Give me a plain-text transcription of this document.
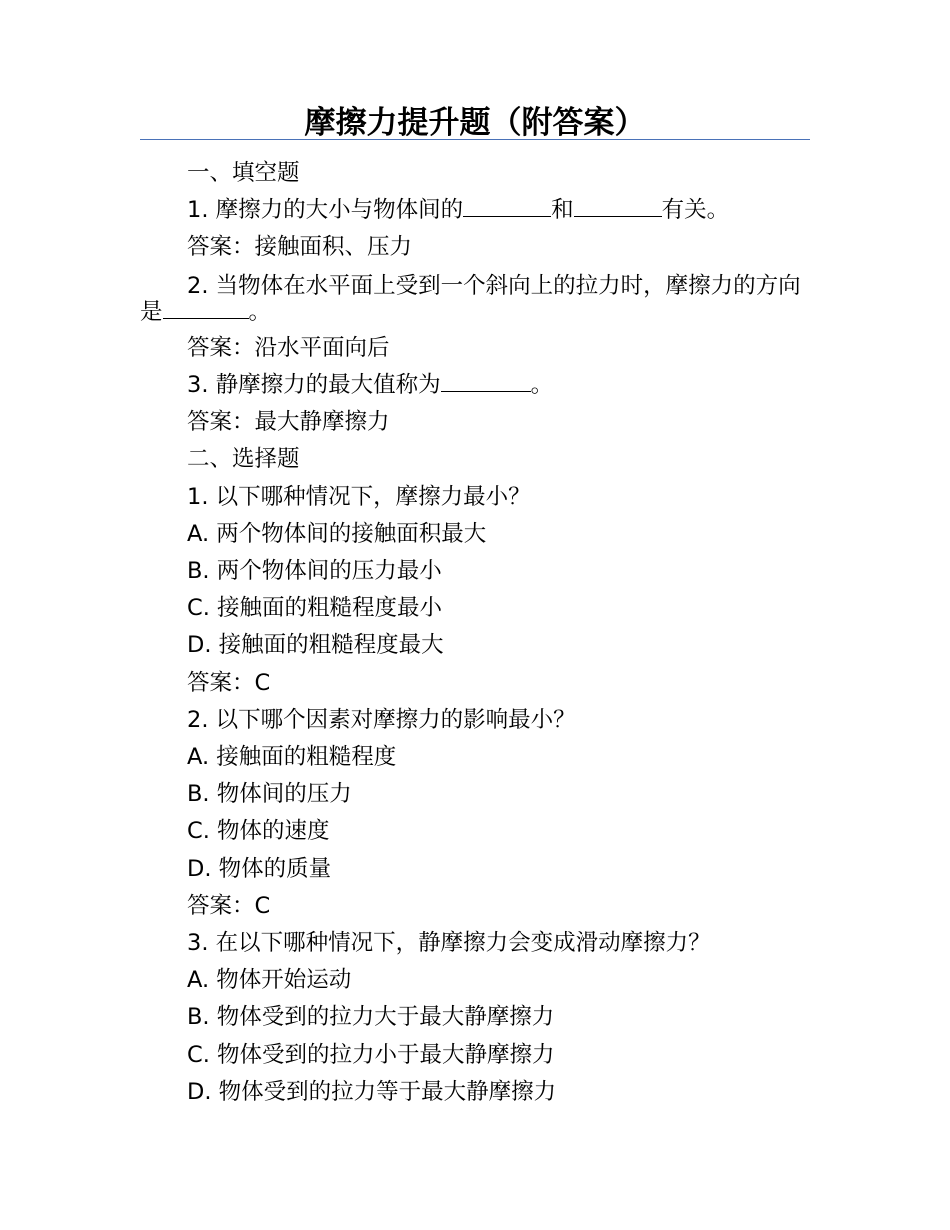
摩擦力提升题（附答案）

一、填空题

1. 摩擦力的大小与物体间的	和	有关。

答案：接触面积、压力

2. 当物体在水平面上受到一个斜向上的拉力时，摩擦力的方向是	。

答案：沿水平面向后

3. 静摩擦力的最大值称为	。

答案：最大静摩擦力

二、选择题

1. 以下哪种情况下，摩擦力最小？

A. 两个物体间的接触面积最大

B. 两个物体间的压力最小

C. 接触面的粗糙程度最小

D. 接触面的粗糙程度最大

答案：C

2. 以下哪个因素对摩擦力的影响最小？

A. 接触面的粗糙程度

B. 物体间的压力

C. 物体的速度

D. 物体的质量

答案：C

3. 在以下哪种情况下，静摩擦力会变成滑动摩擦力？

A. 物体开始运动

B. 物体受到的拉力大于最大静摩擦力

C. 物体受到的拉力小于最大静摩擦力

D. 物体受到的拉力等于最大静摩擦力
